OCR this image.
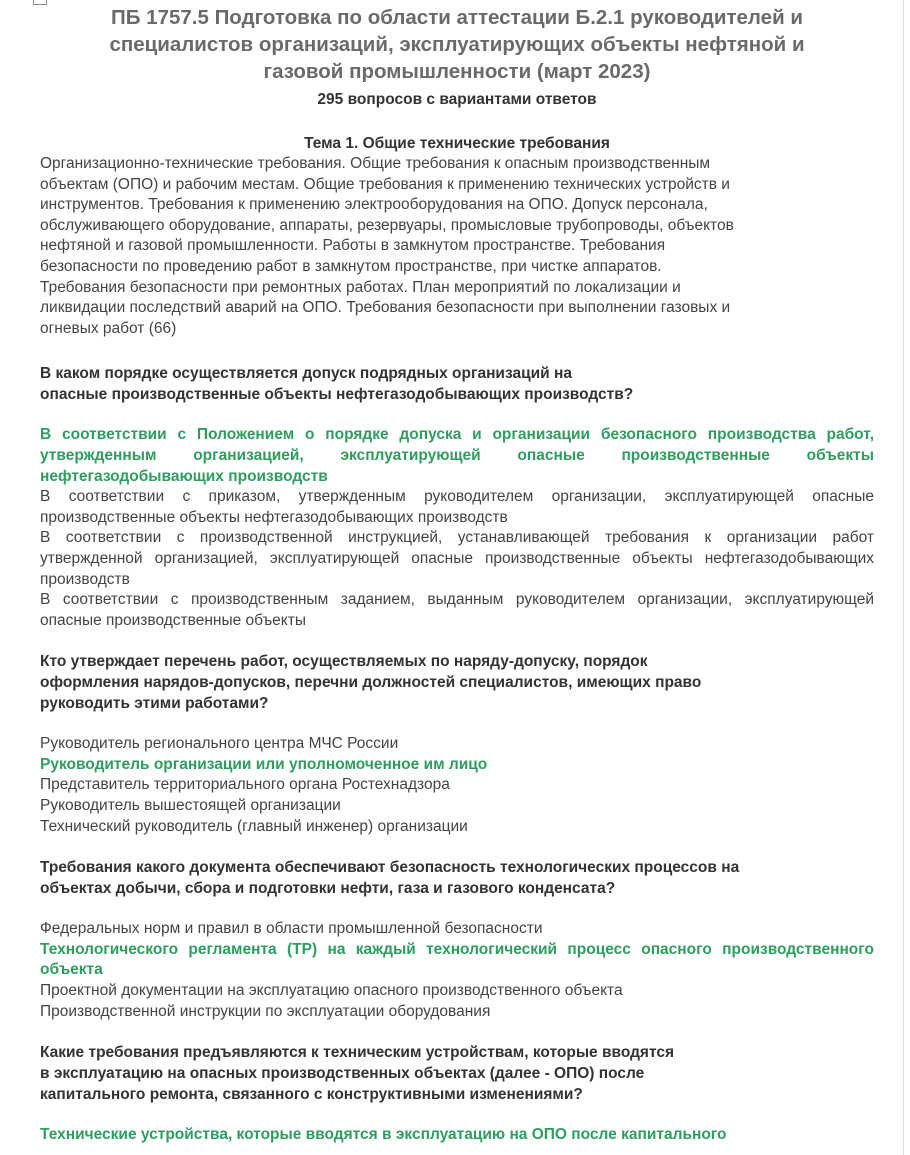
ПБ 1757.5 Подготовка по области аттестации Б.2.1 руководителей и
специалистов организаций, эксплуатирующих объекты нефтяной и
газовой промышленности (март 2023)
295 вопросов с вариантами ответов
Тема 1. Общие технические требования
Организационно-технические требования. Общие требования к опасным производственным
объектам (ОПО) и рабочим местам. Общие требования к применению технических устройств и
инструментов. Требования к применению электрооборудования на ОПО. Допуск персонала,
обслуживающего оборудование, аппараты, резервуары, промысловые трубопроводы, объектов
нефтяной и газовой промышленности. Работы в замкнутом пространстве. Требования
безопасности по проведению работ в замкнутом пространстве, при чистке аппаратов.
Требования безопасности при ремонтных работах. План мероприятий по локализации и
ликвидации последствий аварий на ОПО. Требования безопасности при выполнении газовых и
огневых работ (66)
В каком порядке осуществляется допуск подрядных организаций на
опасные производственные объекты нефтегазодобывающих производств?
В соответствии с Положением о порядке допуска и организации безопасного производства работ, утвержденным организацией, эксплуатирующей опасные производственные объекты нефтегазодобывающих производств
В соответствии с приказом, утвержденным руководителем организации, эксплуатирующей опасные производственные объекты нефтегазодобывающих производств
В соответствии с производственной инструкцией, устанавливающей требования к организации работ утвержденной организацией, эксплуатирующей опасные производственные объекты нефтегазодобывающих производств
В соответствии с производственным заданием, выданным руководителем организации, эксплуатирующей опасные производственные объекты
Кто утверждает перечень работ, осуществляемых по наряду-допуску, порядок
оформления нарядов-допусков, перечни должностей специалистов, имеющих право
руководить этими работами?
Руководитель регионального центра МЧС России
Руководитель организации или уполномоченное им лицо
Представитель территориального органа Ростехнадзора
Руководитель вышестоящей организации
Технический руководитель (главный инженер) организации
Требования какого документа обеспечивают безопасность технологических процессов на
объектах добычи, сбора и подготовки нефти, газа и газового конденсата?
Федеральных норм и правил в области промышленной безопасности
Технологического регламента (ТР) на каждый технологический процесс опасного производственного объекта
Проектной документации на эксплуатацию опасного производственного объекта
Производственной инструкции по эксплуатации оборудования
Какие требования предъявляются к техническим устройствам, которые вводятся
в эксплуатацию на опасных производственных объектах (далее - ОПО) после
капитального ремонта, связанного с конструктивными изменениями?
Технические устройства, которые вводятся в эксплуатацию на ОПО после капитального
